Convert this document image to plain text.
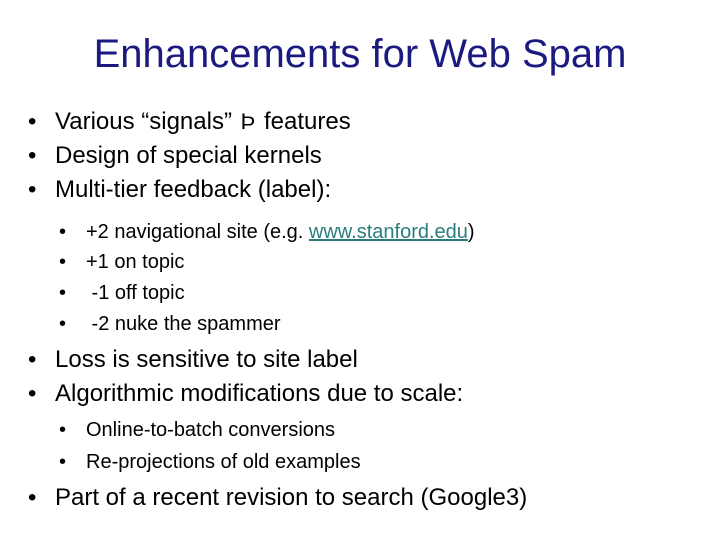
Enhancements for Web Spam
• Various “signals” Þ features
• Design of special kernels
• Multi-tier feedback (label):
• +2 navigational site (e.g. www.stanford.edu)
• +1 on topic
• -1 off topic
• -2 nuke the spammer
• Loss is sensitive to site label
• Algorithmic modifications due to scale:
• Online-to-batch conversions
• Re-projections of old examples
• Part of a recent revision to search (Google3)
